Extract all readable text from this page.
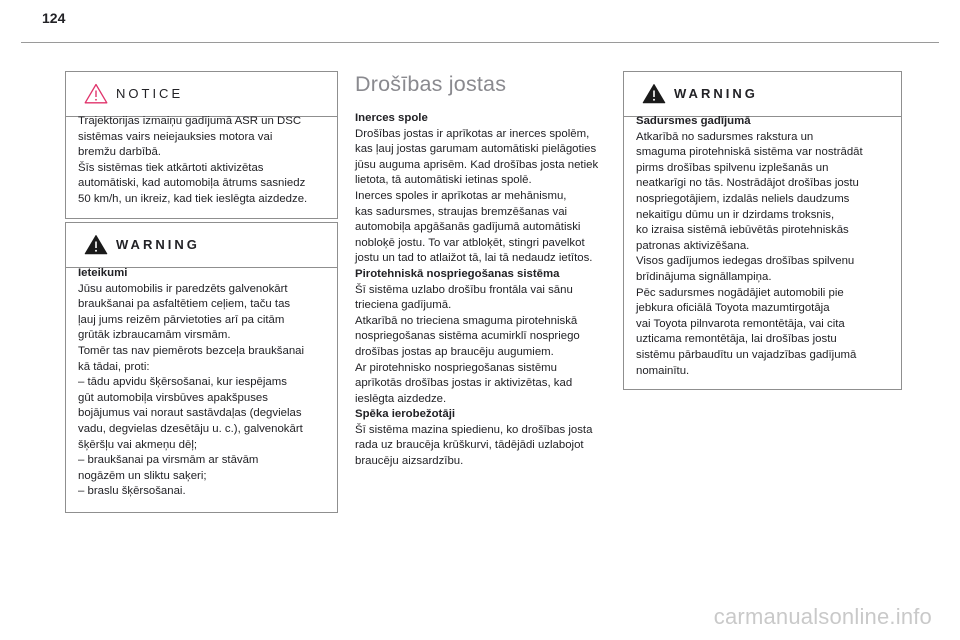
124
NOTICE

Trajektorijas izmaiņu gadījumā ASR un DSC

sistēmas vairs neiejauksies motora vai

bremžu darbībā.

Šīs sistēmas tiek atkārtoti aktivizētas

automātiski, kad automobiļa ātrums sasniedz

50 km/h, un ikreiz, kad tiek ieslēgta aizdedze.

WARNING

Ieteikumi

Jūsu automobilis ir paredzēts galvenokārt

braukšanai pa asfaltētiem ceļiem, taču tas

ļauj jums reizēm pārvietoties arī pa citām

grūtāk izbraucamām virsmām.

Tomēr tas nav piemērots bezceļa braukšanai

kā tādai, proti:

– tādu apvidu šķērsošanai, kur iespējams

gūt automobiļa virsbūves apakšpuses

bojājumus vai noraut sastāvdaļas (degvielas

vadu, degvielas dzesētāju u. c.), galvenokārt

šķēršļu vai akmeņu dēļ;

– braukšanai pa virsmām ar stāvām

nogāzēm un sliktu saķeri;

– braslu šķērsošanai.

Drošības jostas

Inerces spole

Drošības jostas ir aprīkotas ar inerces spolēm,

kas ļauj jostas garumam automātiski pielāgoties

jūsu auguma aprisēm. Kad drošības josta netiek

lietota, tā automātiski ietinas spolē.

Inerces spoles ir aprīkotas ar mehānismu,

kas sadursmes, straujas bremzēšanas vai

automobiļa apgāšanās gadījumā automātiski

nobloķē jostu. To var atbloķēt, stingri pavelkot

jostu un tad to atlaižot tā, lai tā nedaudz ietītos.

Pirotehniskā nospriegošanas sistēma

Šī sistēma uzlabo drošību frontāla vai sānu

trieciena gadījumā.

Atkarībā no trieciena smaguma pirotehniskā

nospriegošanas sistēma acumirklī nospriego

drošības jostas ap braucēju augumiem.

Ar pirotehnisko nospriegošanas sistēmu

aprīkotās drošības jostas ir aktivizētas, kad

ieslēgta aizdedze.

Spēka ierobežotāji

Šī sistēma mazina spiedienu, ko drošības josta

rada uz braucēja krūškurvi, tādējādi uzlabojot

braucēju aizsardzību.

WARNING

Sadursmes gadījumā

Atkarībā no sadursmes rakstura un

smaguma pirotehniskā sistēma var nostrādāt

pirms drošības spilvenu izplešanās un

neatkarīgi no tās. Nostrādājot drošības jostu

nospriegotājiem, izdalās neliels daudzums

nekaitīgu dūmu un ir dzirdams troksnis,

ko izraisa sistēmā iebūvētās pirotehniskās

patronas aktivizēšana.

Visos gadījumos iedegas drošības spilvenu

brīdinājuma signāllampiņa.

Pēc sadursmes nogādājiet automobili pie

jebkura oficiālā Toyota mazumtirgotāja

vai Toyota pilnvarota remontētāja, vai cita

uzticama remontētāja, lai drošības jostu

sistēmu pārbaudītu un vajadzības gadījumā

nomainītu.

carmanualsonline.info
